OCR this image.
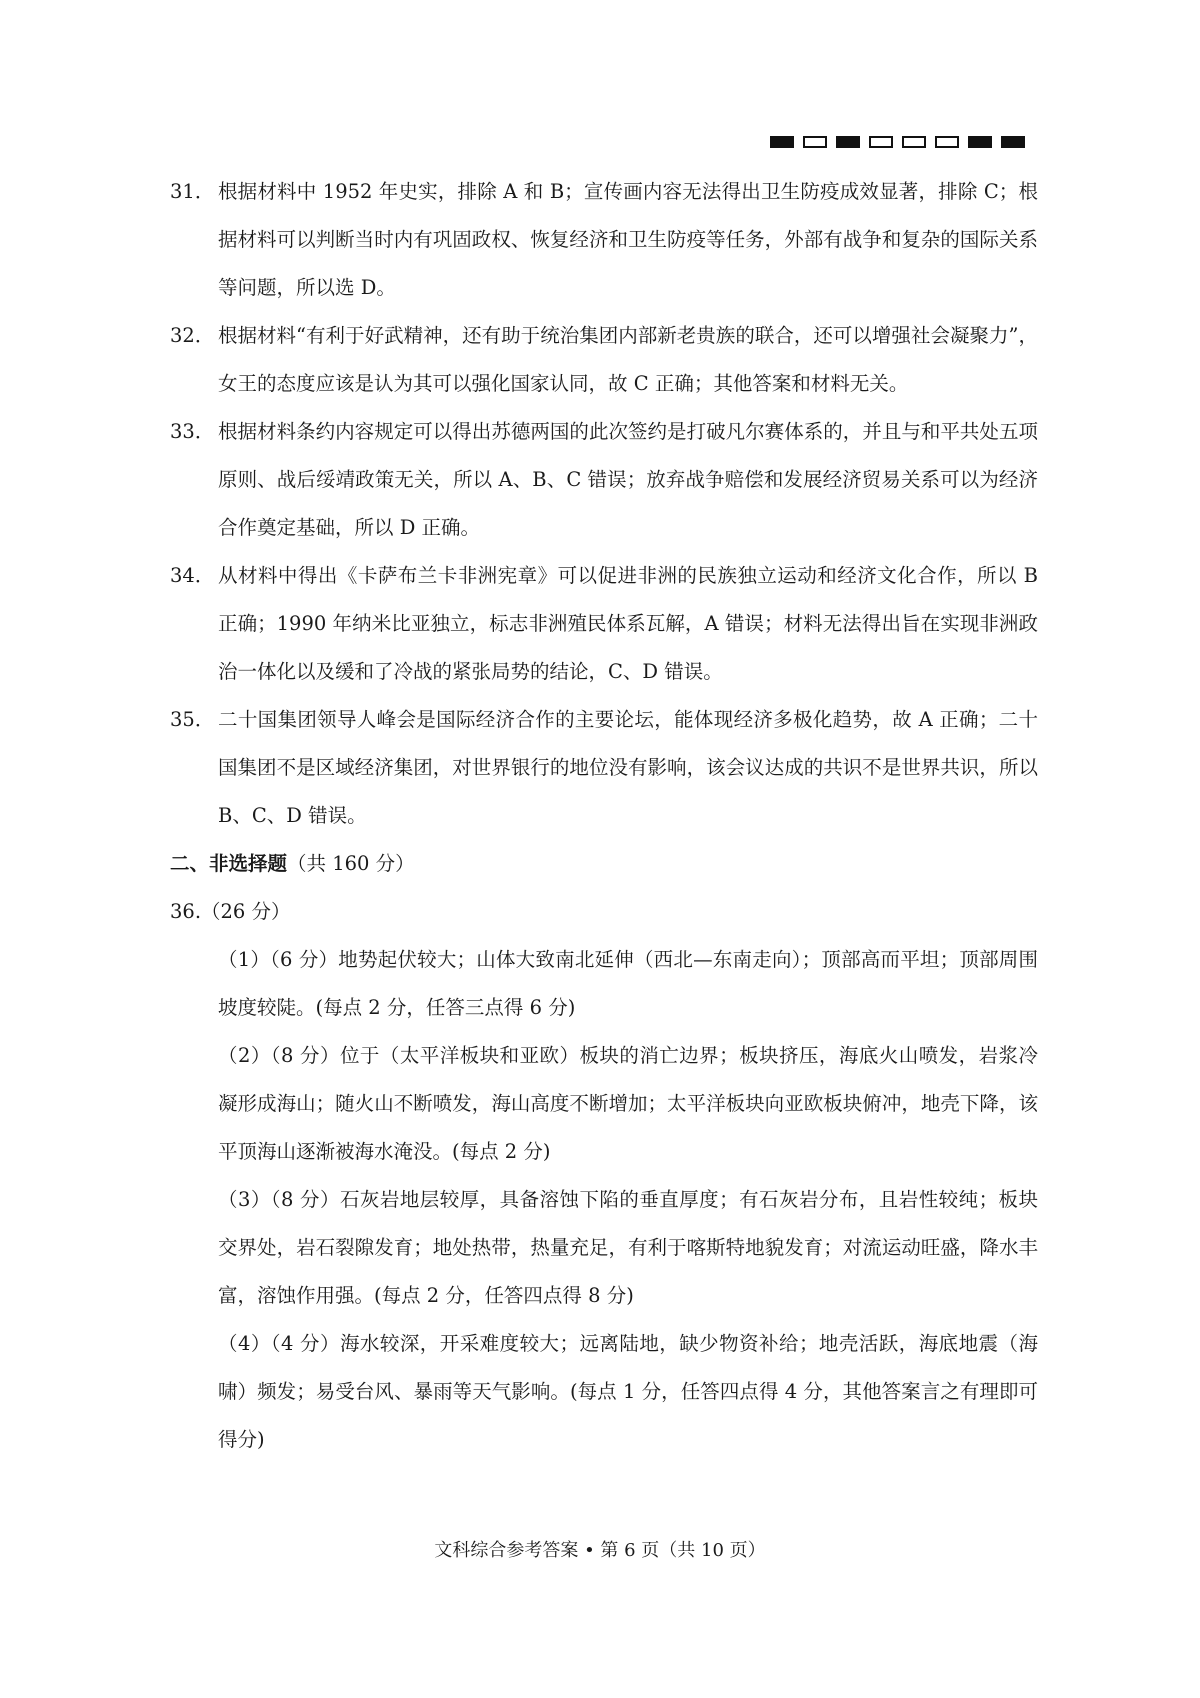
31． 根据材料中 1952 年史实，排除 A 和 B；宣传画内容无法得出卫生防疫成效显著，排除 C；根据材料可以判断当时内有巩固政权、恢复经济和卫生防疫等任务，外部有战争和复杂的国际关系等问题，所以选 D。
32． 根据材料“有利于好武精神，还有助于统治集团内部新老贵族的联合，还可以增强社会凝聚力”，女王的态度应该是认为其可以强化国家认同，故 C 正确；其他答案和材料无关。
33． 根据材料条约内容规定可以得出苏德两国的此次签约是打破凡尔赛体系的，并且与和平共处五项原则、战后绥靖政策无关，所以 A、B、C 错误；放弃战争赔偿和发展经济贸易关系可以为经济合作奠定基础，所以 D 正确。
34． 从材料中得出《卡萨布兰卡非洲宪章》可以促进非洲的民族独立运动和经济文化合作，所以 B 正确；1990 年纳米比亚独立，标志非洲殖民体系瓦解，A 错误；材料无法得出旨在实现非洲政治一体化以及缓和了冷战的紧张局势的结论，C、D 错误。
35． 二十国集团领导人峰会是国际经济合作的主要论坛，能体现经济多极化趋势，故 A 正确；二十国集团不是区域经济集团，对世界银行的地位没有影响，该会议达成的共识不是世界共识，所以 B、C、D 错误。
二、非选择题（共 160 分）
36.（26 分）
（1）（6 分）地势起伏较大；山体大致南北延伸（西北—东南走向）；顶部高而平坦；顶部周围坡度较陡。(每点 2 分，任答三点得 6 分)
（2）（8 分）位于（太平洋板块和亚欧）板块的消亡边界；板块挤压，海底火山喷发，岩浆冷凝形成海山；随火山不断喷发，海山高度不断增加；太平洋板块向亚欧板块俯冲，地壳下降，该平顶海山逐渐被海水淹没。(每点 2 分)
（3）（8 分）石灰岩地层较厚，具备溶蚀下陷的垂直厚度；有石灰岩分布，且岩性较纯；板块交界处，岩石裂隙发育；地处热带，热量充足，有利于喀斯特地貌发育；对流运动旺盛，降水丰富，溶蚀作用强。(每点 2 分，任答四点得 8 分)
（4）（4 分）海水较深，开采难度较大；远离陆地，缺少物资补给；地壳活跃，海底地震（海啸）频发；易受台风、暴雨等天气影响。(每点 1 分，任答四点得 4 分，其他答案言之有理即可得分)
文科综合参考答案 • 第 6 页（共 10 页）
